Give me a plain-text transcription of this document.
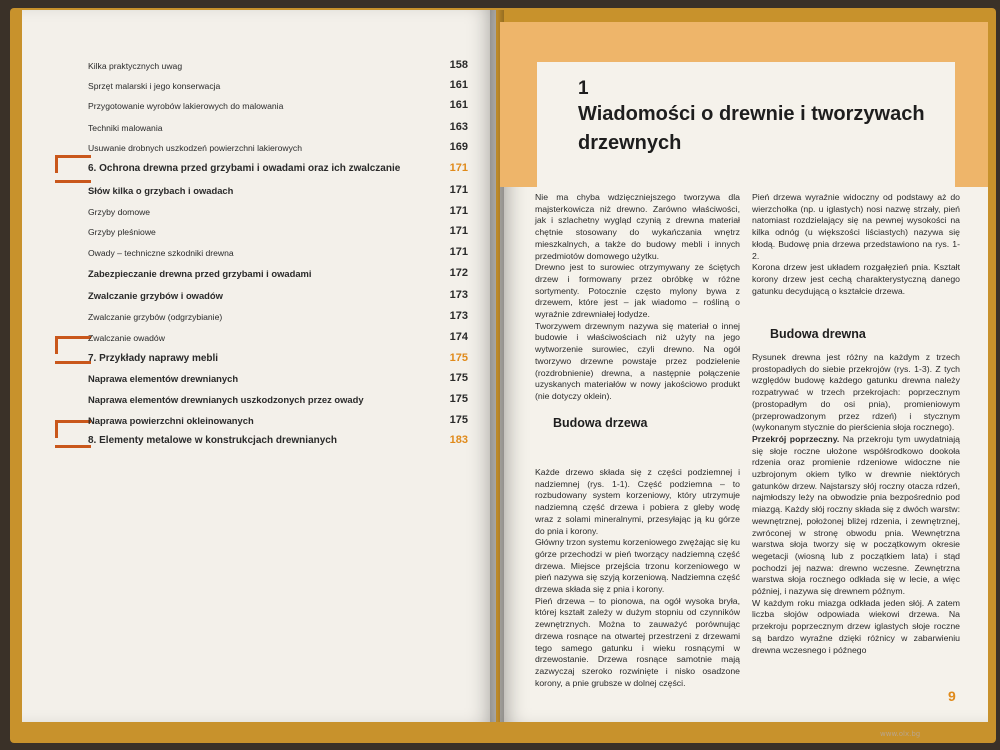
Kilka praktycznych uwag	158
Sprzęt malarski i jego konserwacja	161
Przygotowanie wyrobów lakierowych do malowania	161
Techniki malowania	163
Usuwanie drobnych uszkodzeń powierzchni lakierowych	169
6. Ochrona drewna przed grzybami i owadami oraz ich zwalczanie	171
Słów kilka o grzybach i owadach	171
Grzyby domowe	171
Grzyby pleśniowe	171
Owady – techniczne szkodniki drewna	171
Zabezpieczanie drewna przed grzybami i owadami	172
Zwalczanie grzybów i owadów	173
Zwalczanie grzybów (odgrzybianie)	173
Zwalczanie owadów	174
7. Przykłady naprawy mebli	175
Naprawa elementów drewnianych	175
Naprawa elementów drewnianych uszkodzonych przez owady	175
Naprawa powierzchni okleinowanych	175
8. Elementy metalowe w konstrukcjach drewnianych	183
1
Wiadomości o drewnie i tworzywach drzewnych

Nie ma chyba wdzięczniejszego tworzywa dla majsterkowicza niż drewno. Zarówno właściwości, jak i szlachetny wygląd czynią z drewna materiał chętnie stosowany do wykańczania wnętrz mieszkalnych, a także do budowy mebli i innych przedmiotów domowego użytku.

Drewno jest to surowiec otrzymywany ze ściętych drzew i formowany przez obróbkę w różne sortymenty. Potocznie często mylony bywa z drzewem, które jest – jak wiadomo – rośliną o wyraźnie zdrewniałej łodydze.

Tworzywem drzewnym nazywa się materiał o innej budowie i właściwościach niż użyty na jego wytworzenie surowiec, czyli drewno. Na ogół tworzywo drzewne powstaje przez podzielenie (rozdrobnienie) drewna, a następnie połączenie uzyskanych materiałów w nowy jakościowo produkt (nie dotyczy oklein).

Budowa drzewa

Każde drzewo składa się z części podziemnej i nadziemnej (rys. 1-1). Część podziemna – to rozbudowany system korzeniowy, który utrzymuje nadziemną część drzewa i pobiera z gleby wodę wraz z solami mineralnymi, przesyłając ją ku górze do pnia i korony.

Główny trzon systemu korzeniowego zwężając się ku górze przechodzi w pień tworzący nadziemną część drzewa. Miejsce przejścia trzonu korzeniowego w pień nazywa się szyją korzeniową. Nadziemna część drzewa składa się z pnia i korony.

Pień drzewa – to pionowa, na ogół wysoka bryła, której kształt zależy w dużym stopniu od czynników zewnętrznych. Można to zauważyć porównując drzewa rosnące na otwartej przestrzeni z drzewami tego samego gatunku i wieku rosnącymi w drzewostanie. Drzewa rosnące samotnie mają zazwyczaj szeroko rozwinięte i nisko osadzone korony, a pnie grubsze w dolnej części.

Pień drzewa wyraźnie widoczny od podstawy aż do wierzchołka (np. u iglastych) nosi nazwę strzały, pień natomiast rozdzielający się na pewnej wysokości na kilka odnóg (u większości liściastych) nazywa się kłodą. Budowę pnia drzewa przedstawiono na rys. 1-2.

Korona drzew jest układem rozgałęzień pnia. Kształt korony drzew jest cechą charakterystyczną danego gatunku decydującą o kształcie drzewa.

Budowa drewna

Rysunek drewna jest różny na każdym z trzech prostopadłych do siebie przekrojów (rys. 1-3). Z tych względów budowę każdego gatunku drewna należy rozpatrywać w trzech przekrojach: poprzecznym (prostopadłym do osi pnia), promieniowym (przeprowadzonym przez rdzeń) i stycznym (wykonanym stycznie do pierścienia słoja rocznego).

Przekrój poprzeczny. Na przekroju tym uwydatniają się słoje roczne ułożone współśrodkowo dookoła rdzenia oraz promienie rdzeniowe widoczne nie uzbrojonym okiem tylko w drewnie niektórych gatunków drzew. Najstarszy słój roczny otacza rdzeń, najmłodszy leży na obwodzie pnia bezpośrednio pod miazgą. Każdy słój roczny składa się z dwóch warstw: wewnętrznej, położonej bliżej rdzenia, i zewnętrznej, zwróconej w stronę obwodu pnia. Wewnętrzna warstwa słoja tworzy się w początkowym okresie wegetacji (wiosną lub z początkiem lata) i stąd pochodzi jej nazwa: drewno wczesne. Zewnętrzna warstwa słoja rocznego odkłada się w lecie, a więc później, i nazywa się drewnem późnym.

W każdym roku miazga odkłada jeden słój. A zatem liczba słojów odpowiada wiekowi drzewa. Na przekroju poprzecznym drzew iglastych słoje roczne są bardzo wyraźne dzięki różnicy w zabarwieniu drewna wczesnego i późnego

9
www.olx.bg
